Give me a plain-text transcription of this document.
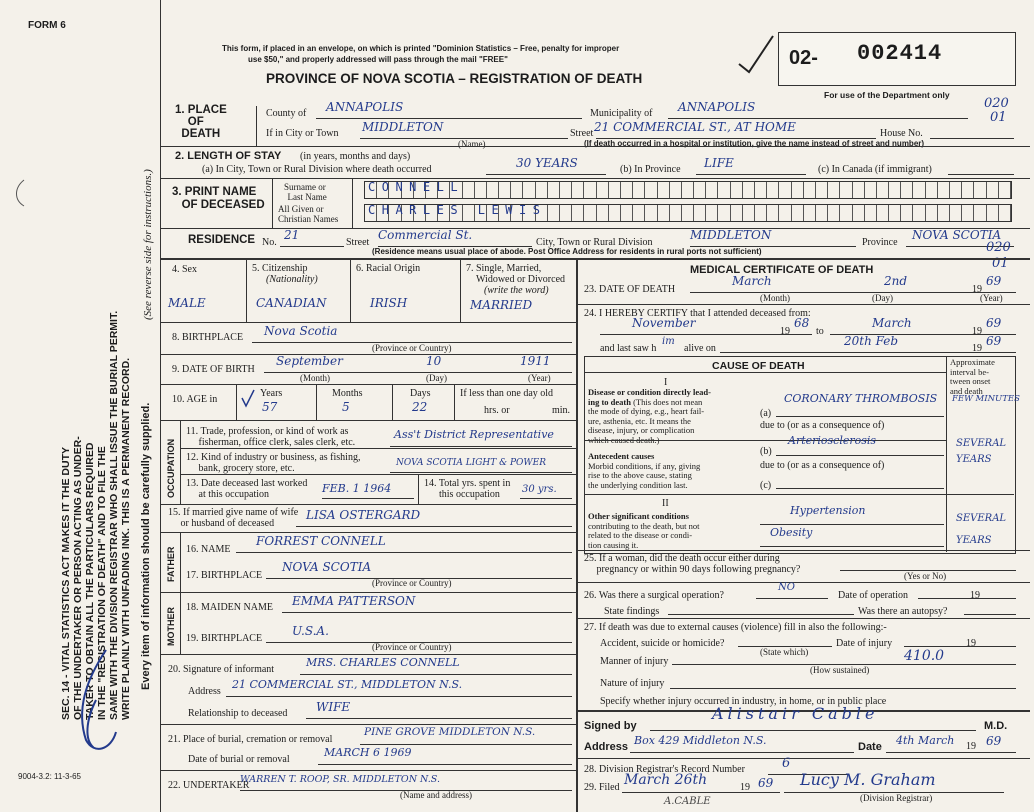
FORM 6
SEC. 14 - VITAL STATISTICS ACT MAKES IT THE DUTY OF THE UNDERTAKER OR PERSON ACTING AS UNDER- TAKER TO OBTAIN ALL THE PARTICULARS REQUIRED IN THE "REGISTRATION OF DEATH" AND TO FILE THE SAME WITH THE DIVISION REGISTRAR WHO SHALL ISSUE THE BURIAL PERMIT. WRITE PLAINLY WITH UNFADING INK. THIS IS A PERMANENT RECORD. Every item of information should be carefully supplied.
(See reverse side for instructions.)
9004-3.2: 11-3-65
This form, if placed in an envelope, on which is printed "Dominion Statistics – Free, penalty for improper
use $50," and properly addressed will pass through the mail "FREE"
PROVINCE OF NOVA SCOTIA – REGISTRATION OF DEATH
02- 002414
For use of the Department only
020
01
1. PLACE
OF
DEATH
County of ANNAPOLIS	Municipality of ANNAPOLIS
If in City or Town MIDDLETON
(Name)
Street 21 COMMERCIAL ST., AT HOME	House No.
(If death occurred in a hospital or institution, give the name instead of street and number)
2. LENGTH OF STAY (in years, months and days)
(a) In City, Town or Rural Division where death occurred	30 YEARS	(b) In Province LIFE	(c) In Canada (if immigrant)
3. PRINT NAME
OF DECEASED
Surname or
Last Name
All Given or
Christian Names
CONNELL
CHARLES LEWIS
RESIDENCE No.
21
Street
Commercial St.
City, Town or Rural Division
MIDDLETON
Province
NOVA SCOTIA
(Residence means usual place of abode. Post Office Address for residents in rural ports not sufficient)	020
01
4. Sex
MALE
5. Citizenship
(Nationality)
CANADIAN
6. Racial Origin
IRISH
7. Single, Married,
Widowed or Divorced
(write the word)
MARRIED
8. BIRTHPLACE Nova Scotia
(Province or Country)
9. DATE OF BIRTH
September	10	1911
(Month)	(Day)	(Year)
10. AGE in
Years
57
Months
5
Days
22
If less than one day old
hrs. or	min.
OCCUPATION
11. Trade, profession, or kind of work as
fisherman, office clerk, sales clerk, etc.
Ass't District Representative
12. Kind of industry or business, as fishing,
bank, grocery store, etc.	NOVA SCOTIA LIGHT & POWER
13. Date deceased last worked
at this occupation	FEB. 1 1964	14. Total yrs. spent in
this occupation	30 yrs.
15. If married give name of wife
or husband of deceased
LISA OSTERGARD
FATHER 16. NAME
FORREST CONNELL
17. BIRTHPLACE
NOVA SCOTIA
(Province or Country)
MOTHER 18. MAIDEN NAME EMMA PATTERSON
19. BIRTHPLACE
U.S.A.
(Province or Country)
20. Signature of informant
MRS. CHARLES CONNELL
Address
21 COMMERCIAL ST., MIDDLETON N.S.
Relationship to deceased WIFE
21. Place of burial, cremation or removal
PINE GROVE MIDDLETON N.S.
Date of burial or removal
MARCH 6 1969
22. UNDERTAKER
WARREN T. ROOP, SR. MIDDLETON N.S.
(Name and address)
MEDICAL CERTIFICATE OF DEATH
23. DATE OF DEATH
March	2nd
19
69
(Month)	(Day)	(Year)
24. I HEREBY CERTIFY that I attended deceased from:
November
19
68
to
March
19
69
and last saw h
im
alive on
20th Feb
19
69
CAUSE OF DEATH	Approximate
interval be-
tween onset
and death
I
Disease or condition directly lead-
ing to death (This does not mean
the mode of dying, e.g., heart fail-
ure, asthenia, etc. It means the
disease, injury, or complication
which caused death.)
(a)
CORONARY THROMBOSIS FEW MINUTES
due to (or as a consequence of)
(b)
Arteriosclerosis	SEVERAL
YEARS
Antecedent causes
Morbid conditions, if any, giving
rise to the above cause, stating
the underlying condition last.
due to (or as a consequence of)
(c)
II
Other significant conditions
contributing to the death, but not
related to the disease or condi-
tion causing it.
Hypertension
Obesity
SEVERAL
YEARS
25. If a woman, did the death occur either during
pregnancy or within 90 days following pregnancy?
(Yes or No)
26. Was there a surgical operation?
NO
Date of operation	19
State findings	Was there an autopsy?
27. If death was due to external causes (violence) fill in also the following:-
Accident, suicide or homicide?	Date of injury	19
(State which)
Manner of injury	410.0
(How sustained)
Nature of injury
Specify whether injury occurred in industry, in home, or in public place
Signed by
Alistair Cable
M.D.
Address Box 429 Middleton N.S.	Date 4th March 19 69
28. Division Registrar's Record Number	6
29. Filed March 26th	19 69 Lucy M. Graham
(Division Registrar)
A.CABLE
